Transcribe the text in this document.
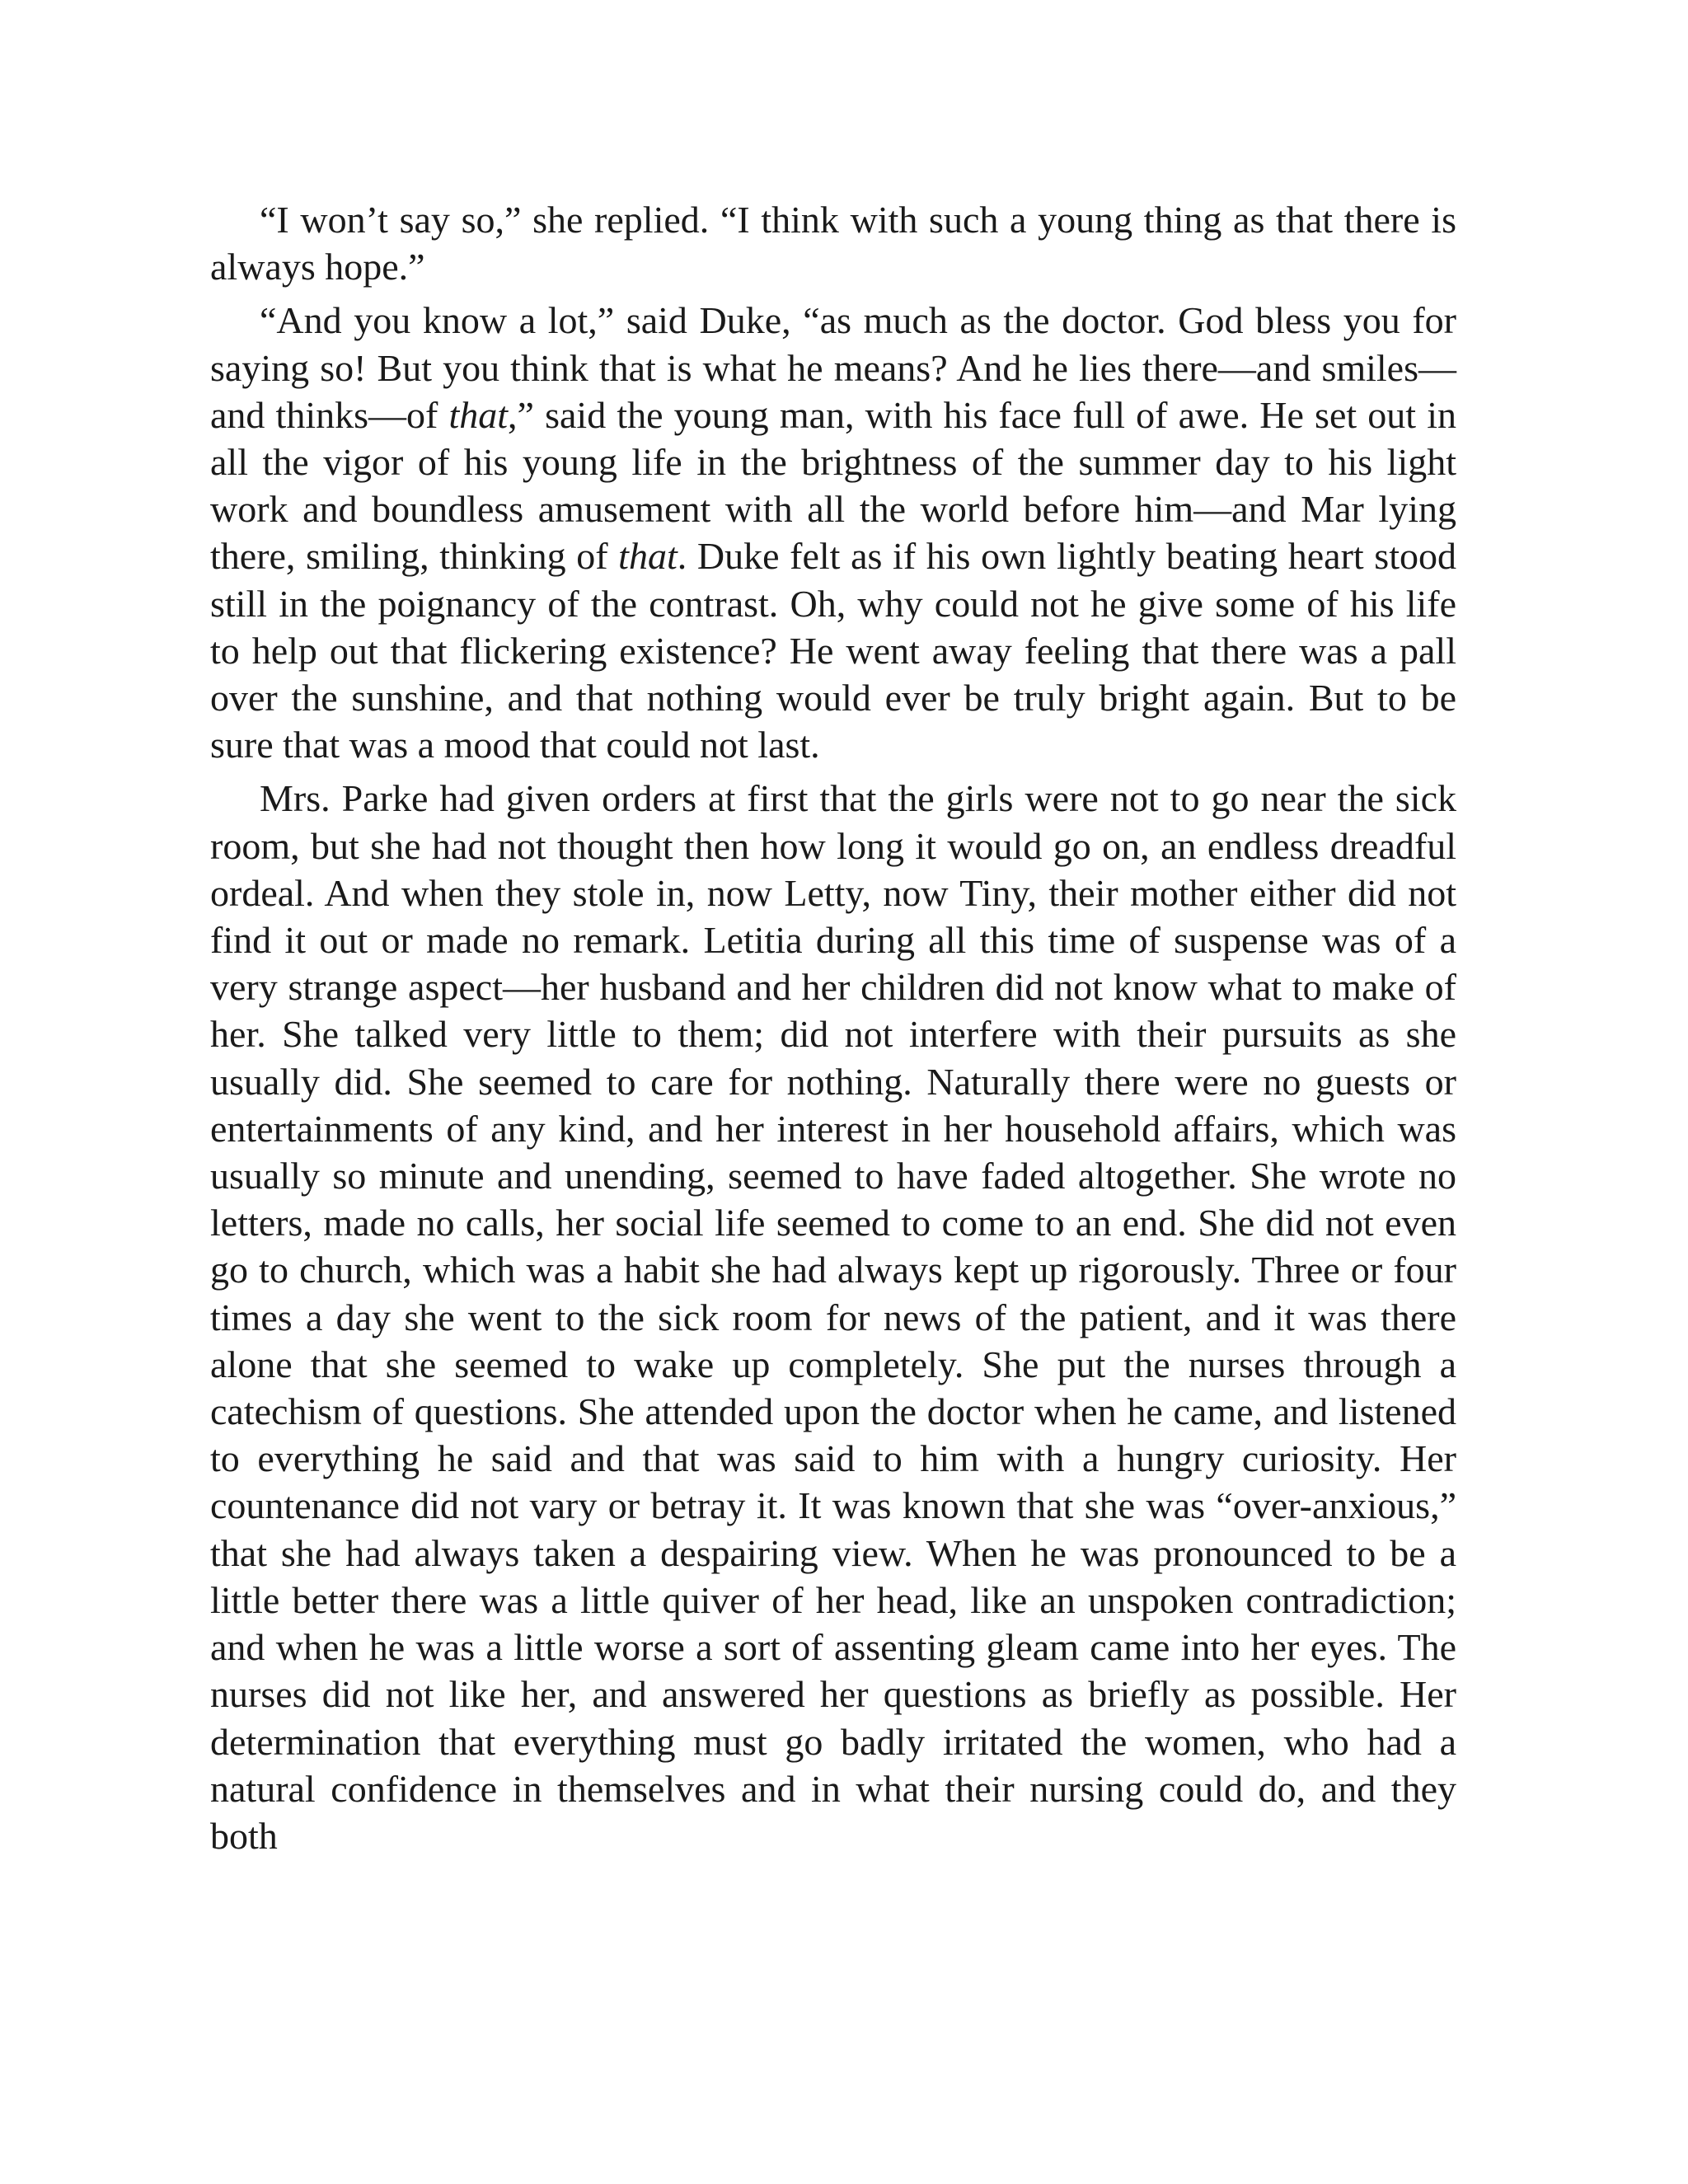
“I won’t say so,” she replied. “I think with such a young thing as that there is always hope.”

“And you know a lot,” said Duke, “as much as the doctor. God bless you for saying so! But you think that is what he means? And he lies there—and smiles—and thinks—of that,” said the young man, with his face full of awe. He set out in all the vigor of his young life in the brightness of the summer day to his light work and boundless amusement with all the world before him—and Mar lying there, smiling, thinking of that. Duke felt as if his own lightly beating heart stood still in the poignancy of the contrast. Oh, why could not he give some of his life to help out that flickering existence? He went away feeling that there was a pall over the sunshine, and that nothing would ever be truly bright again. But to be sure that was a mood that could not last.

Mrs. Parke had given orders at first that the girls were not to go near the sick room, but she had not thought then how long it would go on, an endless dreadful ordeal. And when they stole in, now Letty, now Tiny, their mother either did not find it out or made no remark. Letitia during all this time of suspense was of a very strange aspect—her husband and her children did not know what to make of her. She talked very little to them; did not interfere with their pursuits as she usually did. She seemed to care for nothing. Naturally there were no guests or entertainments of any kind, and her interest in her household affairs, which was usually so minute and unending, seemed to have faded altogether. She wrote no letters, made no calls, her social life seemed to come to an end. She did not even go to church, which was a habit she had always kept up rigorously. Three or four times a day she went to the sick room for news of the patient, and it was there alone that she seemed to wake up completely. She put the nurses through a catechism of questions. She attended upon the doctor when he came, and listened to everything he said and that was said to him with a hungry curiosity. Her countenance did not vary or betray it. It was known that she was “over-anxious,” that she had always taken a despairing view. When he was pronounced to be a little better there was a little quiver of her head, like an unspoken contradiction; and when he was a little worse a sort of assenting gleam came into her eyes. The nurses did not like her, and answered her questions as briefly as possible. Her determination that everything must go badly irritated the women, who had a natural confidence in themselves and in what their nursing could do, and they both
